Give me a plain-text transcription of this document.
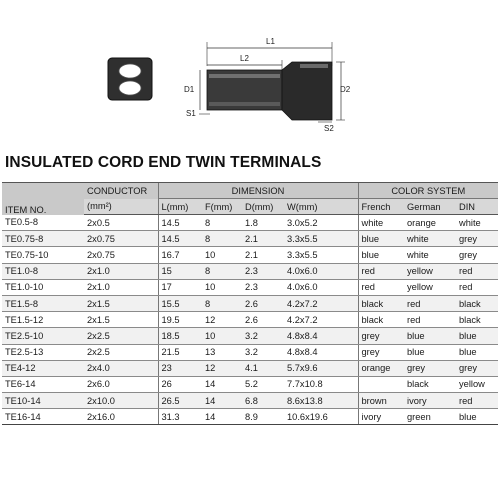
L1
L2
D1
S1
D2
S2
INSULATED CORD END TWIN TERMINALS
ITEM NO.	CONDUCTOR	DIMENSION				COLOR SYSTEM		
	(mm²)	L(mm)	F(mm)	D(mm)	W(mm)	French	German	DIN
TE0.5-8	2x0.5	14.5	8	1.8	3.0x5.2	white	orange	white
TE0.75-8	2x0.75	14.5	8	2.1	3.3x5.5	blue	white	grey
TE0.75-10	2x0.75	16.7	10	2.1	3.3x5.5	blue	white	grey
TE1.0-8	2x1.0	15	8	2.3	4.0x6.0	red	yellow	red
TE1.0-10	2x1.0	17	10	2.3	4.0x6.0	red	yellow	red
TE1.5-8	2x1.5	15.5	8	2.6	4.2x7.2	black	red	black
TE1.5-12	2x1.5	19.5	12	2.6	4.2x7.2	black	red	black
TE2.5-10	2x2.5	18.5	10	3.2	4.8x8.4	grey	blue	blue
TE2.5-13	2x2.5	21.5	13	3.2	4.8x8.4	grey	blue	blue
TE4-12	2x4.0	23	12	4.1	5.7x9.6	orange	grey	grey
TE6-14	2x6.0	26	14	5.2	7.7x10.8		black	yellow
TE10-14	2x10.0	26.5	14	6.8	8.6x13.8	brown	ivory	red
TE16-14	2x16.0	31.3	14	8.9	10.6x19.6	ivory	green	blue
